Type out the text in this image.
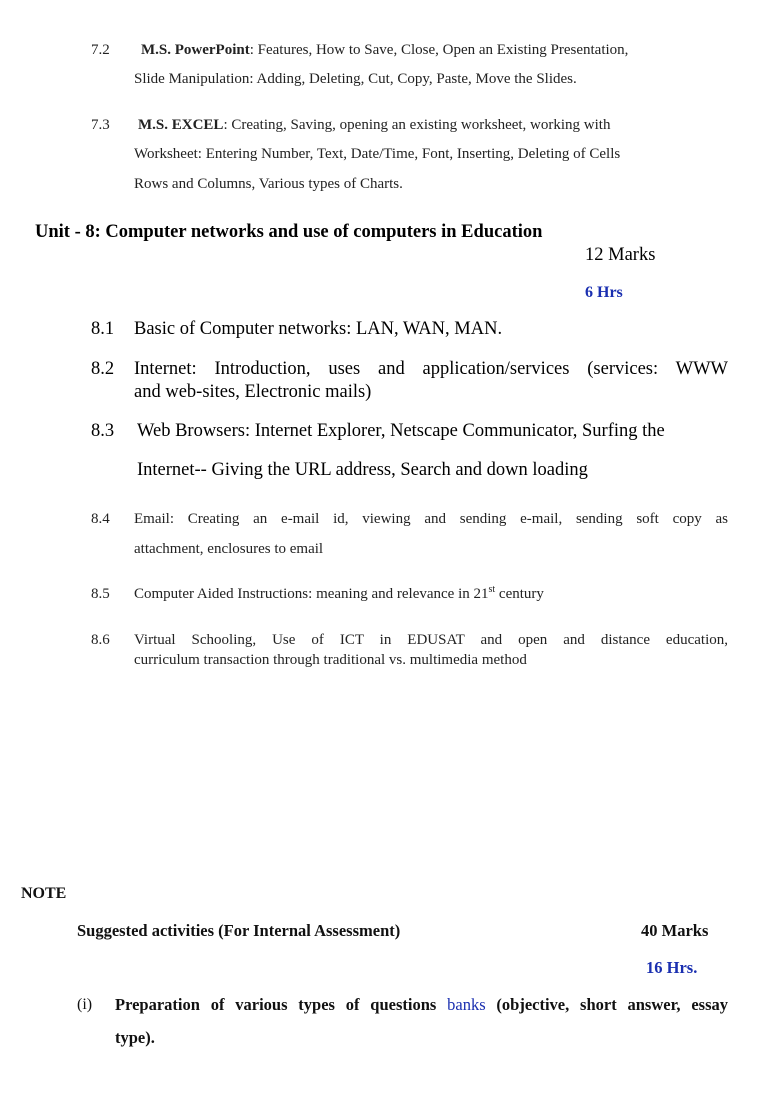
7.2 M.S. PowerPoint: Features, How to Save, Close, Open an Existing Presentation,
Slide Manipulation: Adding, Deleting, Cut, Copy, Paste, Move the Slides.
7.3 M.S. EXCEL: Creating, Saving, opening an existing worksheet, working with
Worksheet: Entering Number, Text, Date/Time, Font, Inserting, Deleting of Cells
Rows and Columns, Various types of Charts.
Unit - 8: Computer networks and use of computers in Education
12 Marks
6 Hrs
8.1 Basic of Computer networks: LAN, WAN, MAN.
8.2 Internet: Introduction, uses and application/services (services: WWW
and web-sites, Electronic mails)
8.3 Web Browsers: Internet Explorer, Netscape Communicator, Surfing the
Internet-- Giving the URL address, Search and down loading
8.4 Email: Creating an e-mail id, viewing and sending e-mail, sending soft copy as
attachment, enclosures to email
8.5 Computer Aided Instructions: meaning and relevance in 21st century
8.6 Virtual Schooling, Use of ICT in EDUSAT and open and distance education,
curriculum transaction through traditional vs. multimedia method
NOTE
Suggested activities (For Internal Assessment)	40 Marks
16 Hrs.
(i) Preparation of various types of questions banks (objective, short answer, essay
type).
